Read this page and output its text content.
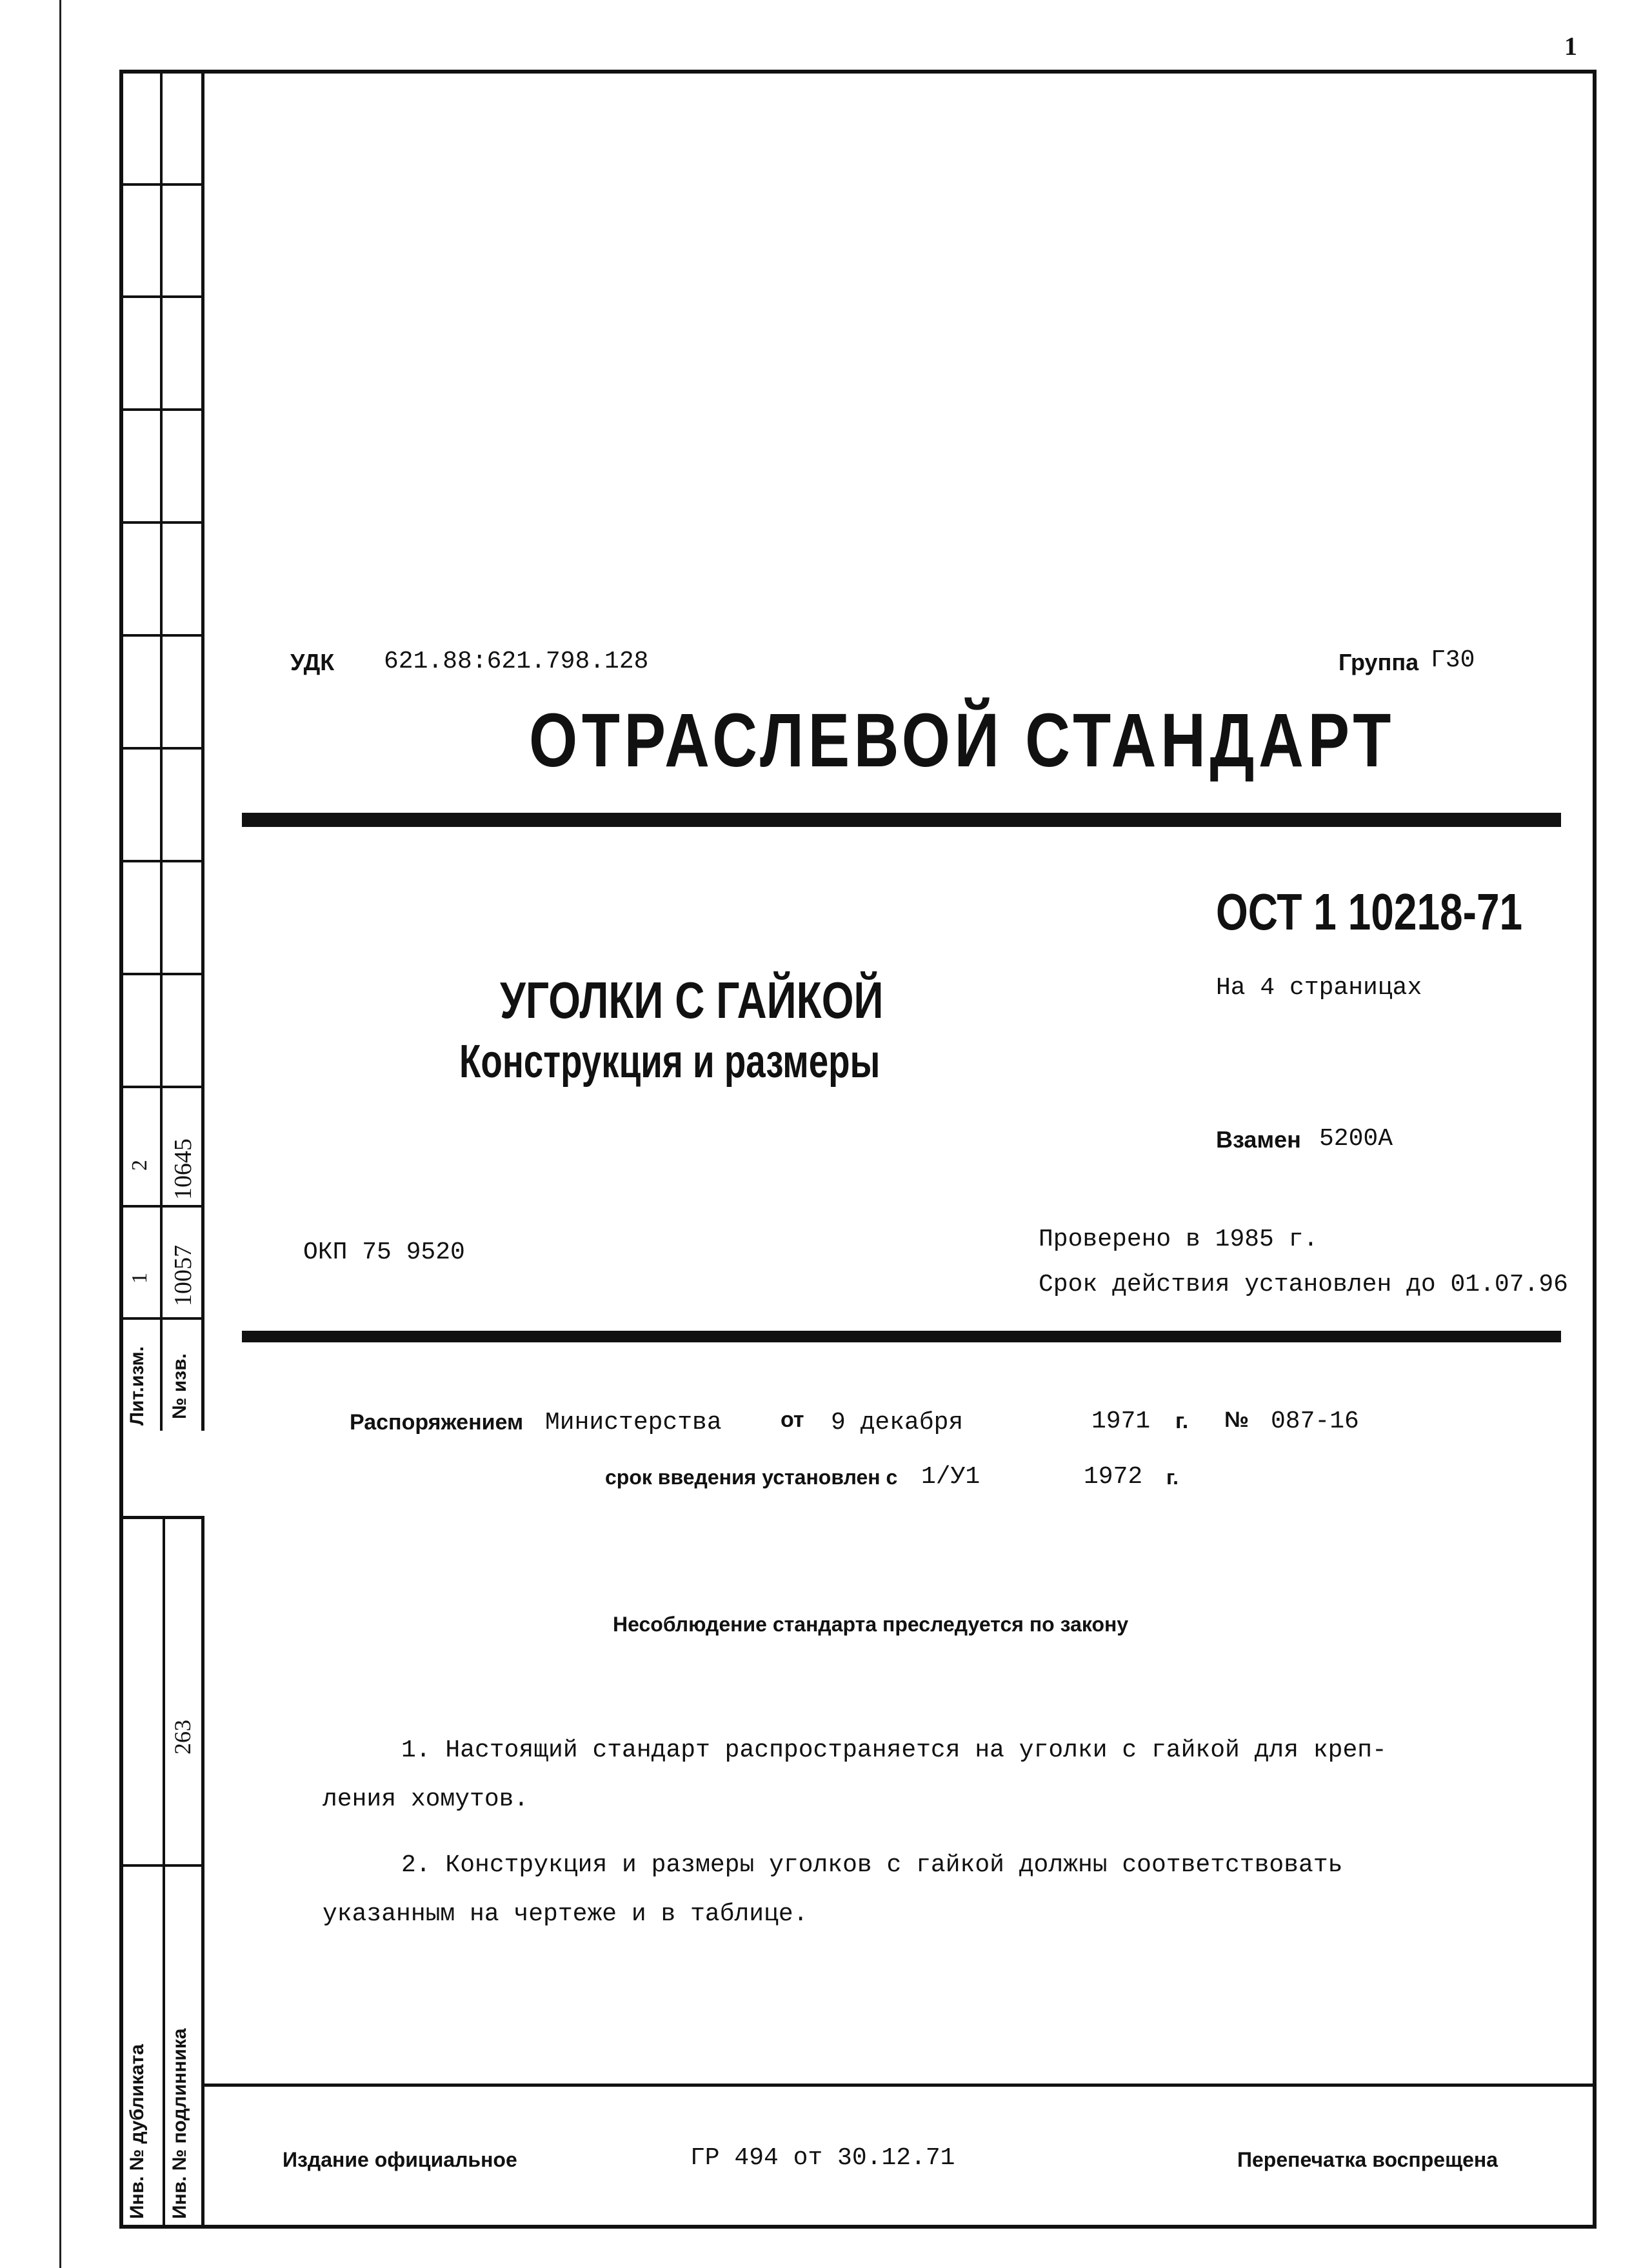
1
Лит.изм. № изв.
1 10057
2 10645
263
Инв. № дубликата Инв. № подлинника
УДК 621.88:621.798.128	Группа Г30
ОТРАСЛЕВОЙ СТАНДАРТ
ОСТ 1 10218-71
УГОЛКИ С ГАЙКОЙ
Конструкция и размеры
На 4 страницах
Взамен 5200А
ОКП 75 9520	Проверено в 1985 г.
Срок действия установлен до 01.07.96
Распоряжением Министерства	от 9 декабря	1971 г. № 087-16
срок введения установлен с 1/У1	1972 г.
Несоблюдение стандарта преследуется по закону
1. Настоящий стандарт распространяется на уголки с гайкой для креп-
ления хомутов.
2. Конструкция и размеры уголков с гайкой должны соответствовать
указанным на чертеже и в таблице.
Издание официальное	ГР 494 от 30.12.71	Перепечатка воспрещена
